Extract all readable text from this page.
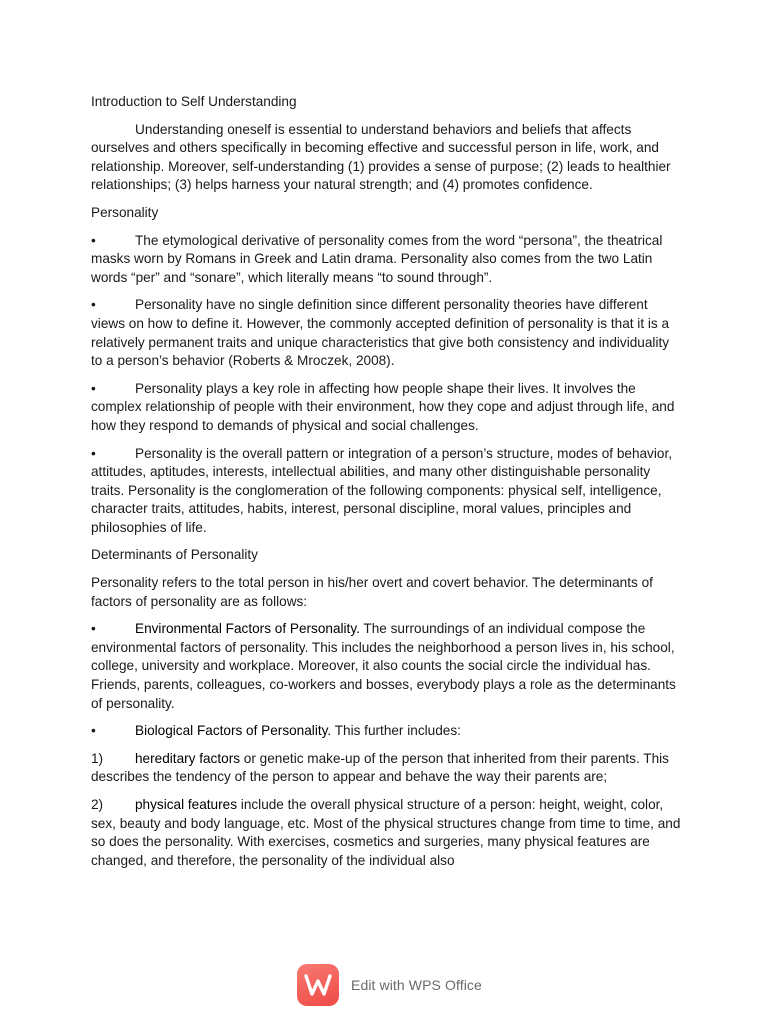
Introduction to Self Understanding

Understanding oneself is essential to understand behaviors and beliefs that affects ourselves and others specifically in becoming effective and successful person in life, work, and relationship. Moreover, self-understanding (1) provides a sense of purpose; (2) leads to healthier relationships; (3) helps harness your natural strength; and (4) promotes confidence.

Personality

•	The etymological derivative of personality comes from the word “persona”, the theatrical masks worn by Romans in Greek and Latin drama. Personality also comes from the two Latin words “per” and “sonare”, which literally means “to sound through”.

•	Personality have no single definition since different personality theories have different views on how to define it. However, the commonly accepted definition of personality is that it is a relatively permanent traits and unique characteristics that give both consistency and individuality to a person’s behavior (Roberts & Mroczek, 2008).

•	Personality plays a key role in affecting how people shape their lives. It involves the complex relationship of people with their environment, how they cope and adjust through life, and how they respond to demands of physical and social challenges.

•	Personality is the overall pattern or integration of a person’s structure, modes of behavior, attitudes, aptitudes, interests, intellectual abilities, and many other distinguishable personality traits. Personality is the conglomeration of the following components: physical self, intelligence, character traits, attitudes, habits, interest, personal discipline, moral values, principles and philosophies of life.

Determinants of Personality

Personality refers to the total person in his/her overt and covert behavior. The determinants of factors of personality are as follows:

•	Environmental Factors of Personality. The surroundings of an individual compose the environmental factors of personality. This includes the neighborhood a person lives in, his school, college, university and workplace. Moreover, it also counts the social circle the individual has. Friends, parents, colleagues, co-workers and bosses, everybody plays a role as the determinants of personality.

•	Biological Factors of Personality. This further includes:

1) hereditary factors or genetic make-up of the person that inherited from their parents. This describes the tendency of the person to appear and behave the way their parents are;

2) physical features include the overall physical structure of a person: height, weight, color, sex, beauty and body language, etc. Most of the physical structures change from time to time, and so does the personality. With exercises, cosmetics and surgeries, many physical features are changed, and therefore, the personality of the individual also

Edit with WPS Office
